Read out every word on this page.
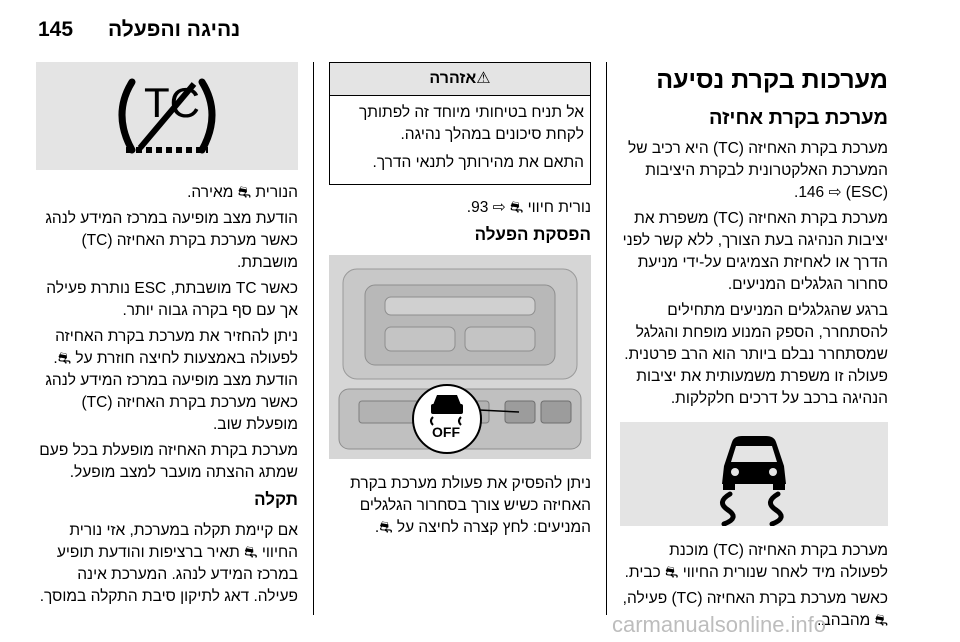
145 נהיגה והפעלה
מערכות בקרת נסיעה
מערכת בקרת אחיזה

מערכת בקרת האחיזה (TC) היא רכיב של המערכת האלקטרונית לבקרת היציבות (ESC) ⇨ 146.

מערכת בקרת האחיזה (TC) משפרת את יציבות הנהיגה בעת הצורך, ללא קשר לפני הדרך או לאחיזת הצמיגים על-ידי מניעת סחרור הגלגלים המניעים.

ברגע שהגלגלים המניעים מתחילים להסתחרר, הספק המנוע מופחת והגלגל שמסתחרר נבלם ביותר הוא הרב פרטנית. פעולה זו משפרת משמעותית את יציבות הנהיגה ברכב על דרכים חלקלקות.

מערכת בקרת האחיזה (TC) מוכנת לפעולה מיד לאחר שנורית החיווי ⛐ כבית.

כאשר מערכת בקרת האחיזה (TC) פעילה, ⛐ מהבהב.

⚠אזהרה

אל תניח בטיחותי מיוחד זה לפתותך לקחת סיכונים במהלך נהיגה.

התאם את מהירותך לתנאי הדרך.

נורית חיווי ⛐ ⇨ 93.

הפסקת הפעלה
OFF

ניתן להפסיק את פעולת מערכת בקרת האחיזה כשיש צורך בסחרור הגלגלים המניעים: לחץ קצרה לחיצה על ⛐.

TC

הנורית ⛐ מאירה.

הודעת מצב מופיעה במרכז המידע לנהג כאשר מערכת בקרת האחיזה (TC) מושבתת.

כאשר TC מושבתת, ESC נותרת פעילה אך עם סף בקרה גבוה יותר.

ניתן להחזיר את מערכת בקרת האחיזה לפעולה באמצעות לחיצה חוזרת על ⛐. הודעת מצב מופיעה במרכז המידע לנהג כאשר מערכת בקרת האחיזה (TC) מופעלת שוב.

מערכת בקרת האחיזה מופעלת בכל פעם שמתג ההצתה מועבר למצב מופעל.

תקלה

אם קיימת תקלה במערכת, אזי נורית החיווי ⛐ תאיר ברציפות והודעת תופיע במרכז המידע לנהג. המערכת אינה פעילה. דאג לתיקון סיבת התקלה במוסך.

carmanualsonline.info
